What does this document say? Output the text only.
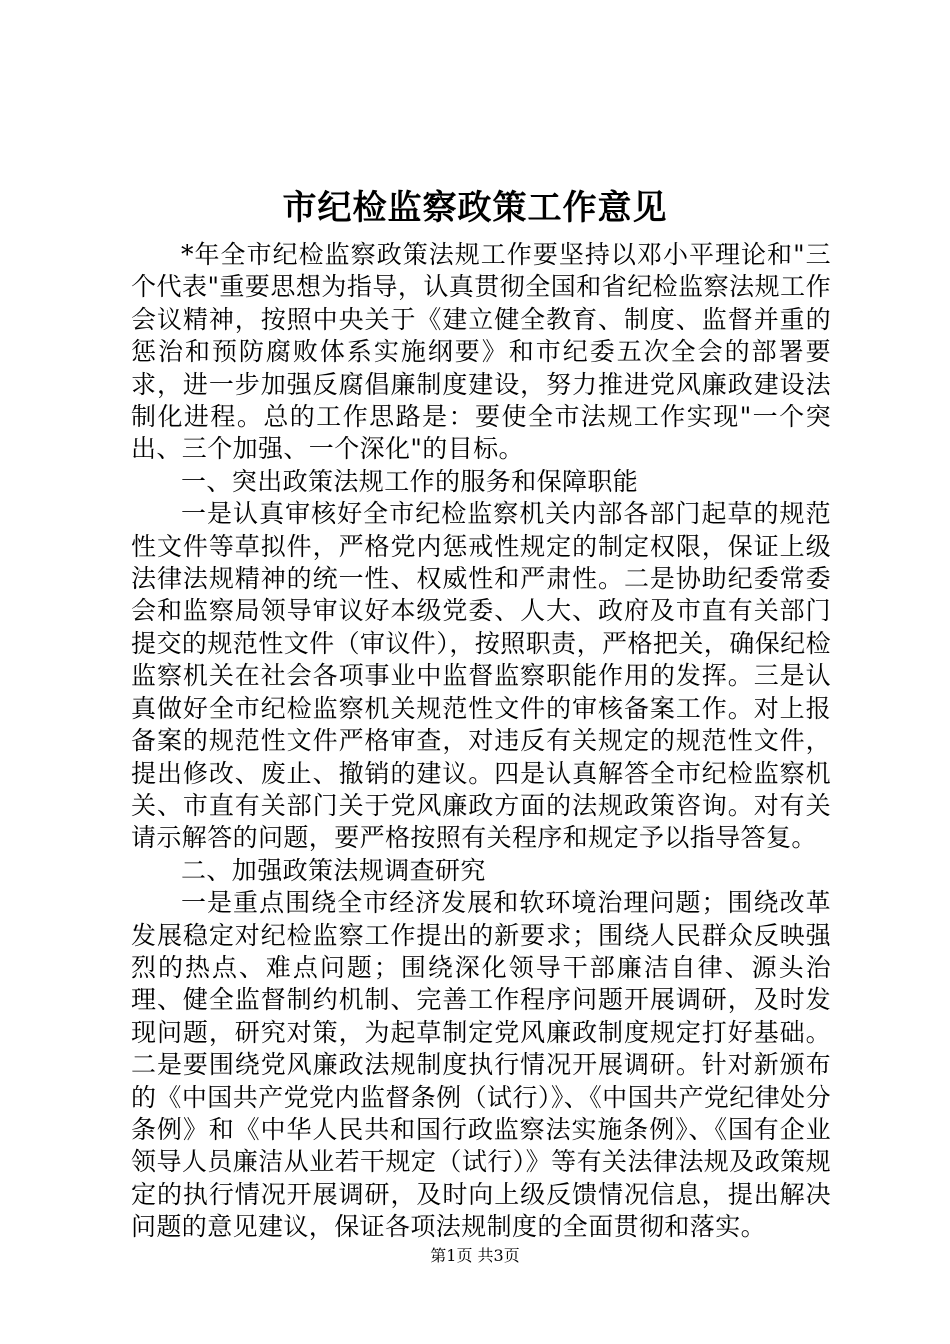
市纪检监察政策工作意见

*年全市纪检监察政策法规工作要坚持以邓小平理论和"三个代表"重要思想为指导，认真贯彻全国和省纪检监察法规工作会议精神，按照中央关于《建立健全教育、制度、监督并重的惩治和预防腐败体系实施纲要》和市纪委五次全会的部署要求，进一步加强反腐倡廉制度建设，努力推进党风廉政建设法制化进程。总的工作思路是：要使全市法规工作实现"一个突出、三个加强、一个深化"的目标。

一、突出政策法规工作的服务和保障职能

一是认真审核好全市纪检监察机关内部各部门起草的规范性文件等草拟件，严格党内惩戒性规定的制定权限，保证上级法律法规精神的统一性、权威性和严肃性。二是协助纪委常委会和监察局领导审议好本级党委、人大、政府及市直有关部门提交的规范性文件（审议件），按照职责，严格把关，确保纪检监察机关在社会各项事业中监督监察职能作用的发挥。三是认真做好全市纪检监察机关规范性文件的审核备案工作。对上报备案的规范性文件严格审查，对违反有关规定的规范性文件，提出修改、废止、撤销的建议。四是认真解答全市纪检监察机关、市直有关部门关于党风廉政方面的法规政策咨询。对有关请示解答的问题，要严格按照有关程序和规定予以指导答复。

二、加强政策法规调查研究

一是重点围绕全市经济发展和软环境治理问题；围绕改革发展稳定对纪检监察工作提出的新要求；围绕人民群众反映强烈的热点、难点问题；围绕深化领导干部廉洁自律、源头治理、健全监督制约机制、完善工作程序问题开展调研，及时发现问题，研究对策，为起草制定党风廉政制度规定打好基础。二是要围绕党风廉政法规制度执行情况开展调研。针对新颁布的《中国共产党党内监督条例（试行）》、《中国共产党纪律处分条例》和《中华人民共和国行政监察法实施条例》、《国有企业领导人员廉洁从业若干规定（试行）》等有关法律法规及政策规定的执行情况开展调研，及时向上级反馈情况信息，提出解决问题的意见建议，保证各项法规制度的全面贯彻和落实。

第1页 共3页
